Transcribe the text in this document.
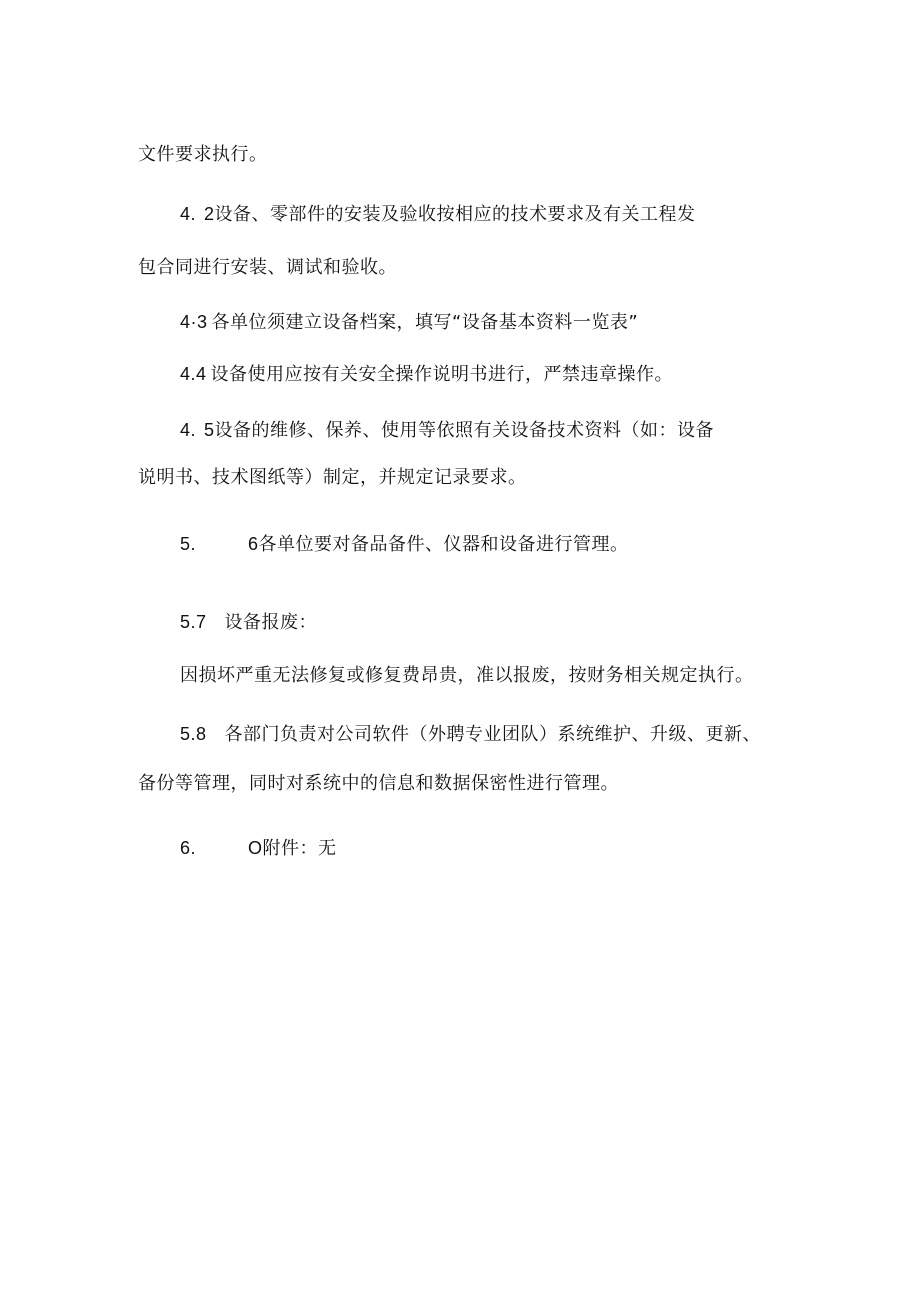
文件要求执行。
4. 2设备、零部件的安装及验收按相应的技术要求及有关工程发
包合同进行安装、调试和验收。
4·3 各单位须建立设备档案，填写“设备基本资料一览表”
4.4 设备使用应按有关安全操作说明书进行，严禁违章操作。
4. 5设备的维修、保养、使用等依照有关设备技术资料（如：设备
说明书、技术图纸等）制定，并规定记录要求。
5.	6各单位要对备品备件、仪器和设备进行管理。
5.7 设备报废：
因损坏严重无法修复或修复费昂贵，准以报废，按财务相关规定执行。
5.8 各部门负责对公司软件（外聘专业团队）系统维护、升级、更新、
备份等管理，同时对系统中的信息和数据保密性进行管理。
6.	O附件：无
